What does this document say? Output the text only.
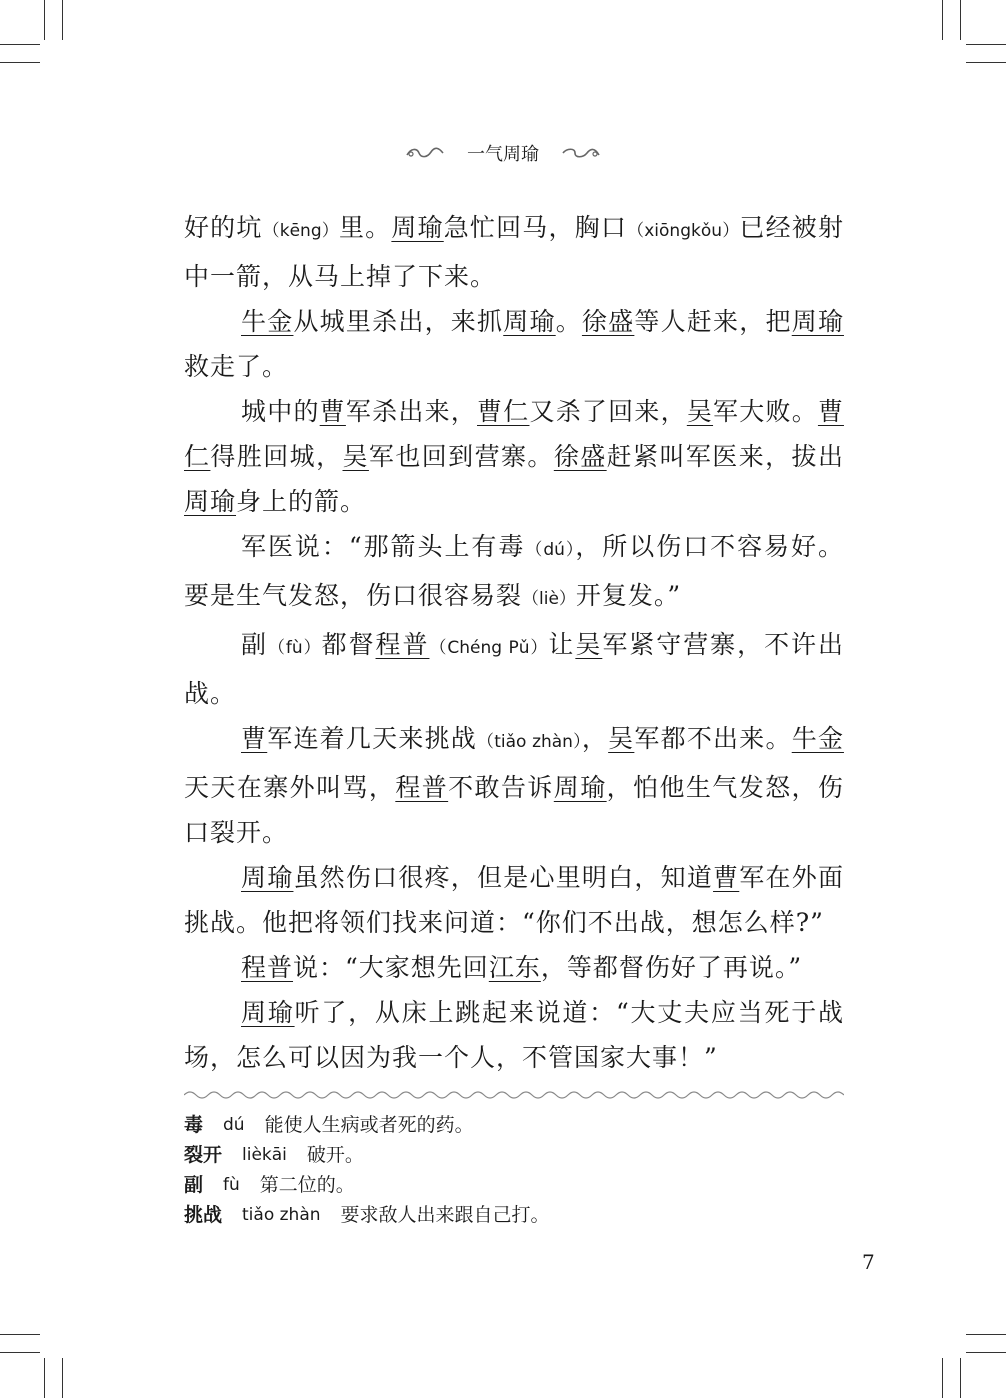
一气周瑜

好的坑（kēng）里。周瑜急忙回马，胸口（xiōngkǒu）已经被射中一箭，从马上掉了下来。

牛金从城里杀出，来抓周瑜。徐盛等人赶来，把周瑜救走了。

城中的曹军杀出来，曹仁又杀了回来，吴军大败。曹仁得胜回城，吴军也回到营寨。徐盛赶紧叫军医来，拔出周瑜身上的箭。

军医说：“那箭头上有毒（dú），所以伤口不容易好。要是生气发怒，伤口很容易裂（liè）开复发。”

副（fù）都督程普（Chéng Pǔ）让吴军紧守营寨，不许出战。

曹军连着几天来挑战（tiǎo zhàn），吴军都不出来。牛金天天在寨外叫骂，程普不敢告诉周瑜，怕他生气发怒，伤口裂开。

周瑜虽然伤口很疼，但是心里明白，知道曹军在外面挑战。他把将领们找来问道：“你们不出战，想怎么样?”

程普说：“大家想先回江东，等都督伤好了再说。”

周瑜听了，从床上跳起来说道：“大丈夫应当死于战场，怎么可以因为我一个人，不管国家大事！”

毒 dú 能使人生病或者死的药。
裂开 lièkāi 破开。
副 fù 第二位的。
挑战 tiǎo zhàn 要求敌人出来跟自己打。
7
